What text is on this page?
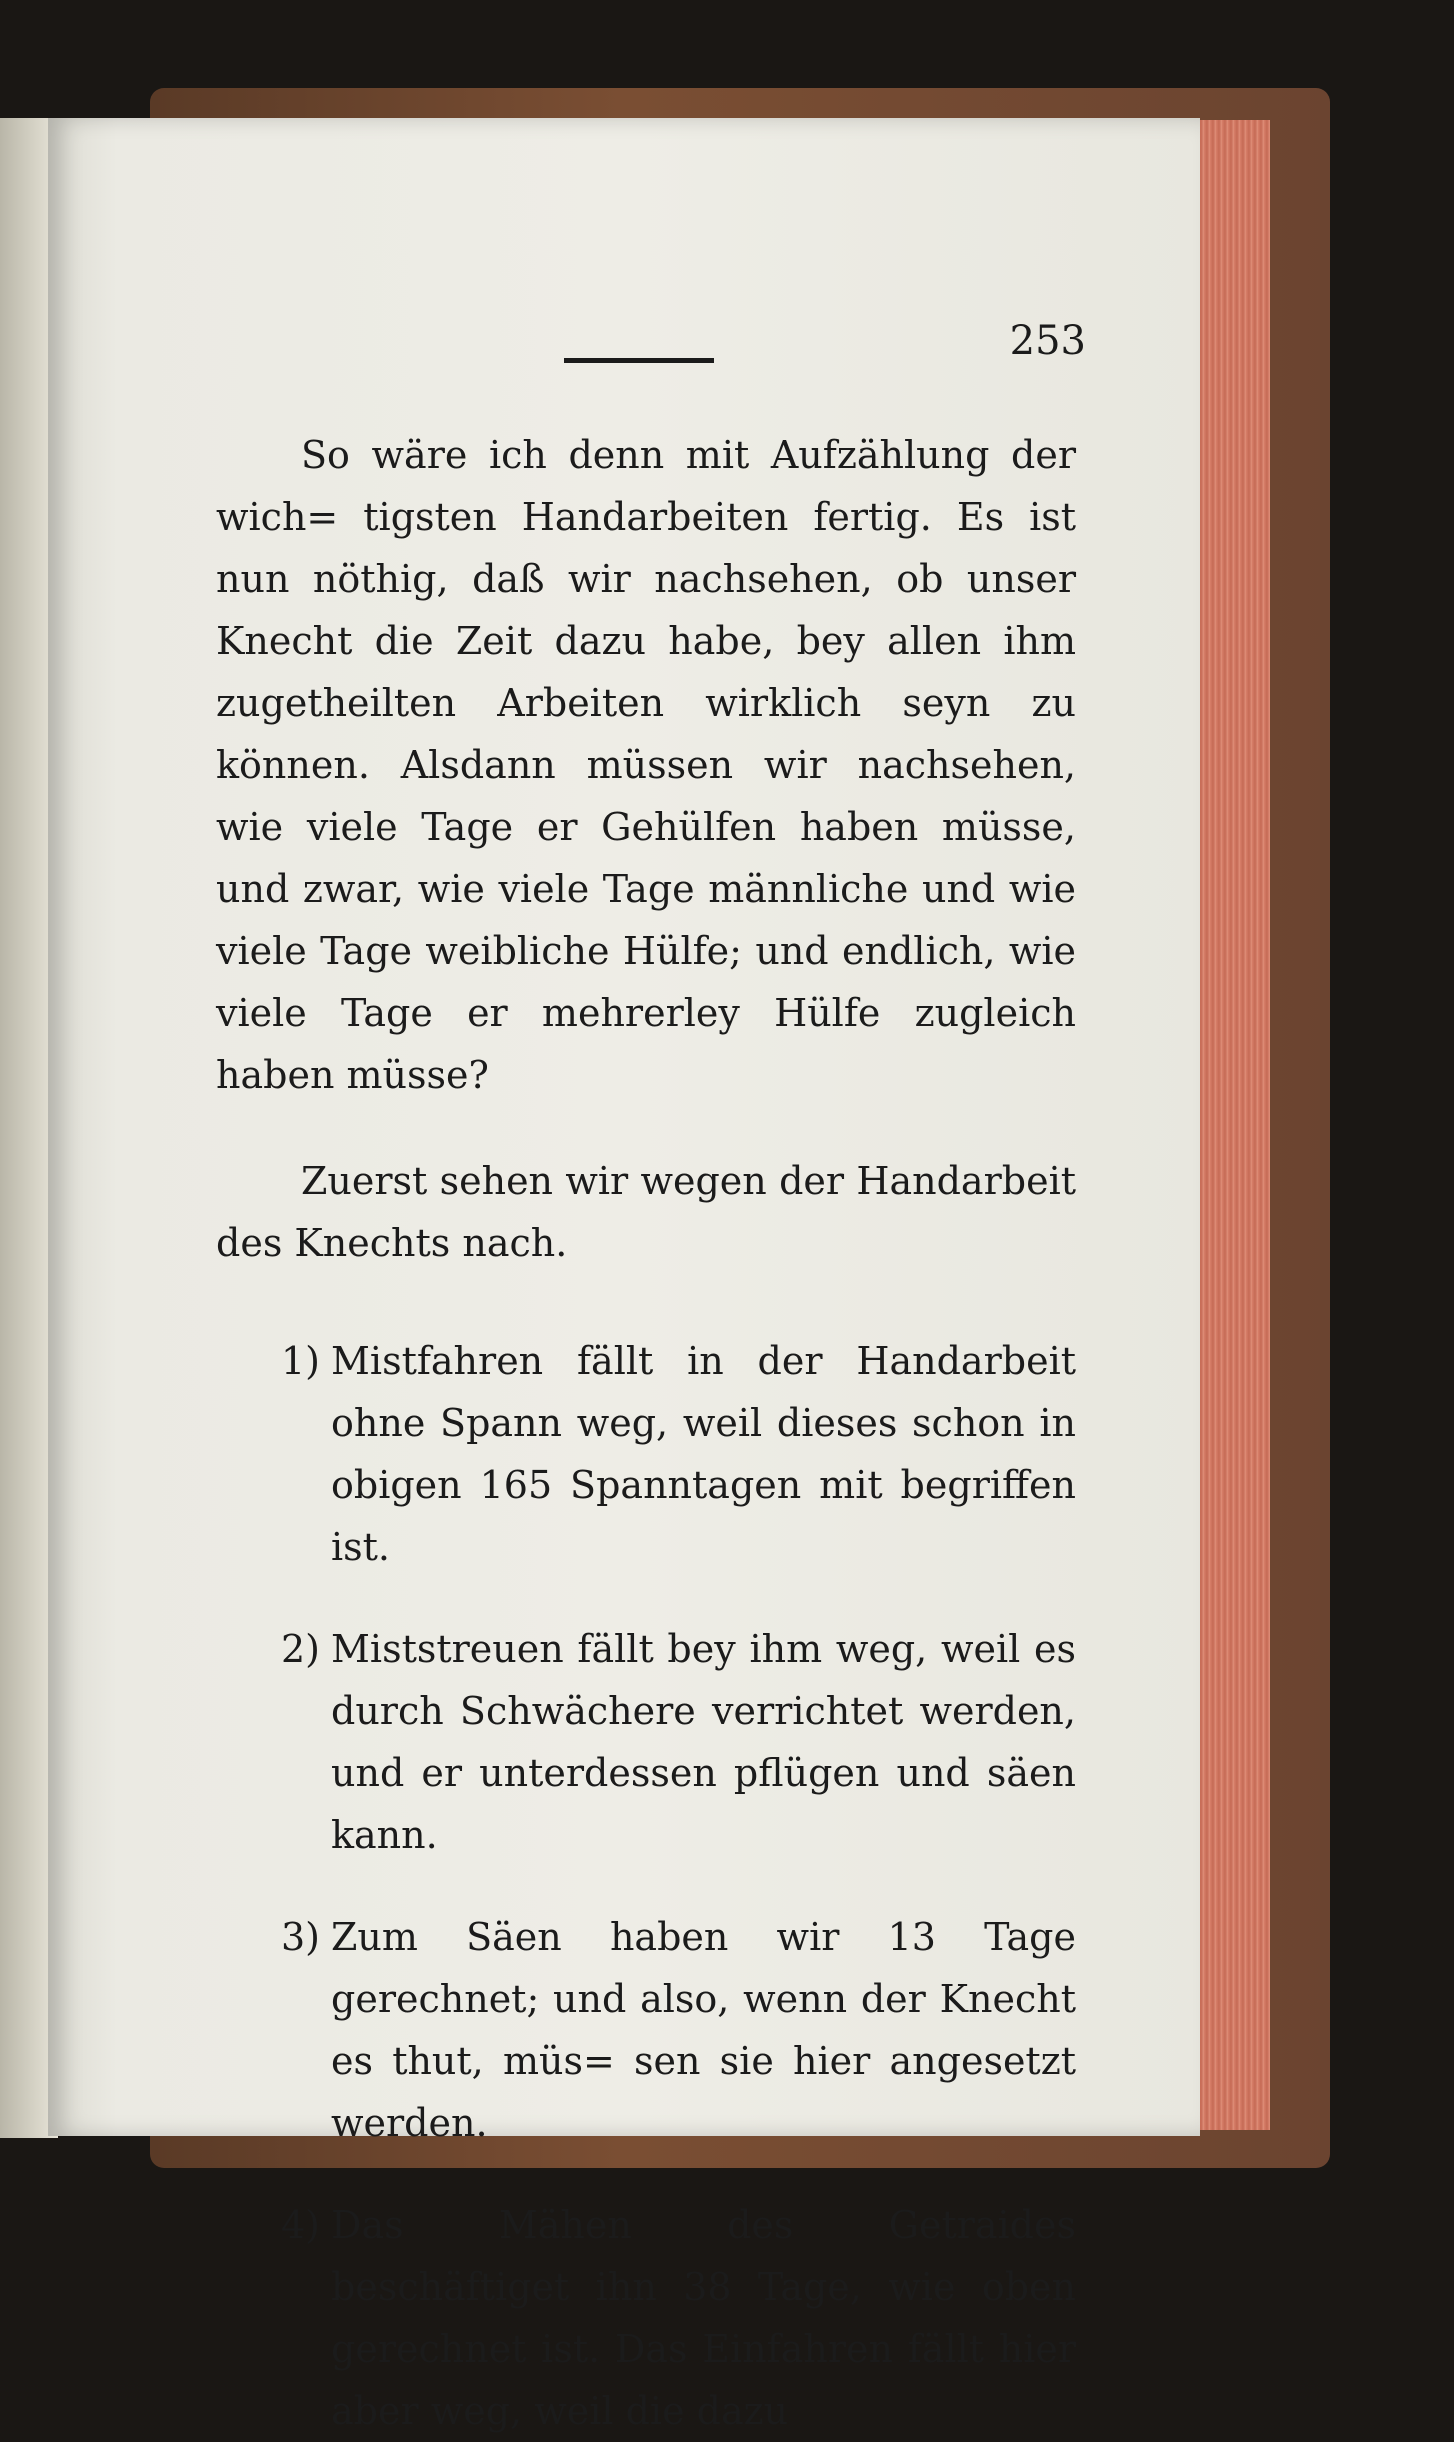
253

So wäre ich denn mit Aufzählung der wich= tigsten Handarbeiten fertig. Es ist nun nöthig, daß wir nachsehen, ob unser Knecht die Zeit dazu habe, bey allen ihm zugetheilten Arbeiten wirklich seyn zu können. Alsdann müssen wir nachsehen, wie viele Tage er Gehülfen haben müsse, und zwar, wie viele Tage männliche und wie viele Tage weibliche Hülfe; und endlich, wie viele Tage er mehrerley Hülfe zugleich haben müsse?

Zuerst sehen wir wegen der Handarbeit des Knechts nach.

1) Mistfahren fällt in der Handarbeit ohne Spann weg, weil dieses schon in obigen 165 Spanntagen mit begriffen ist.
2) Miststreuen fällt bey ihm weg, weil es durch Schwächere verrichtet werden, und er unterdessen pflügen und säen kann.
3) Zum Säen haben wir 13 Tage gerechnet; und also, wenn der Knecht es thut, müs= sen sie hier angesetzt werden.
4) Das Mähen des Getraides beschäftiget ihn 38 Tage, wie oben gerechnet ist. Das Einfahren fällt hier aber weg, weil die dazu
